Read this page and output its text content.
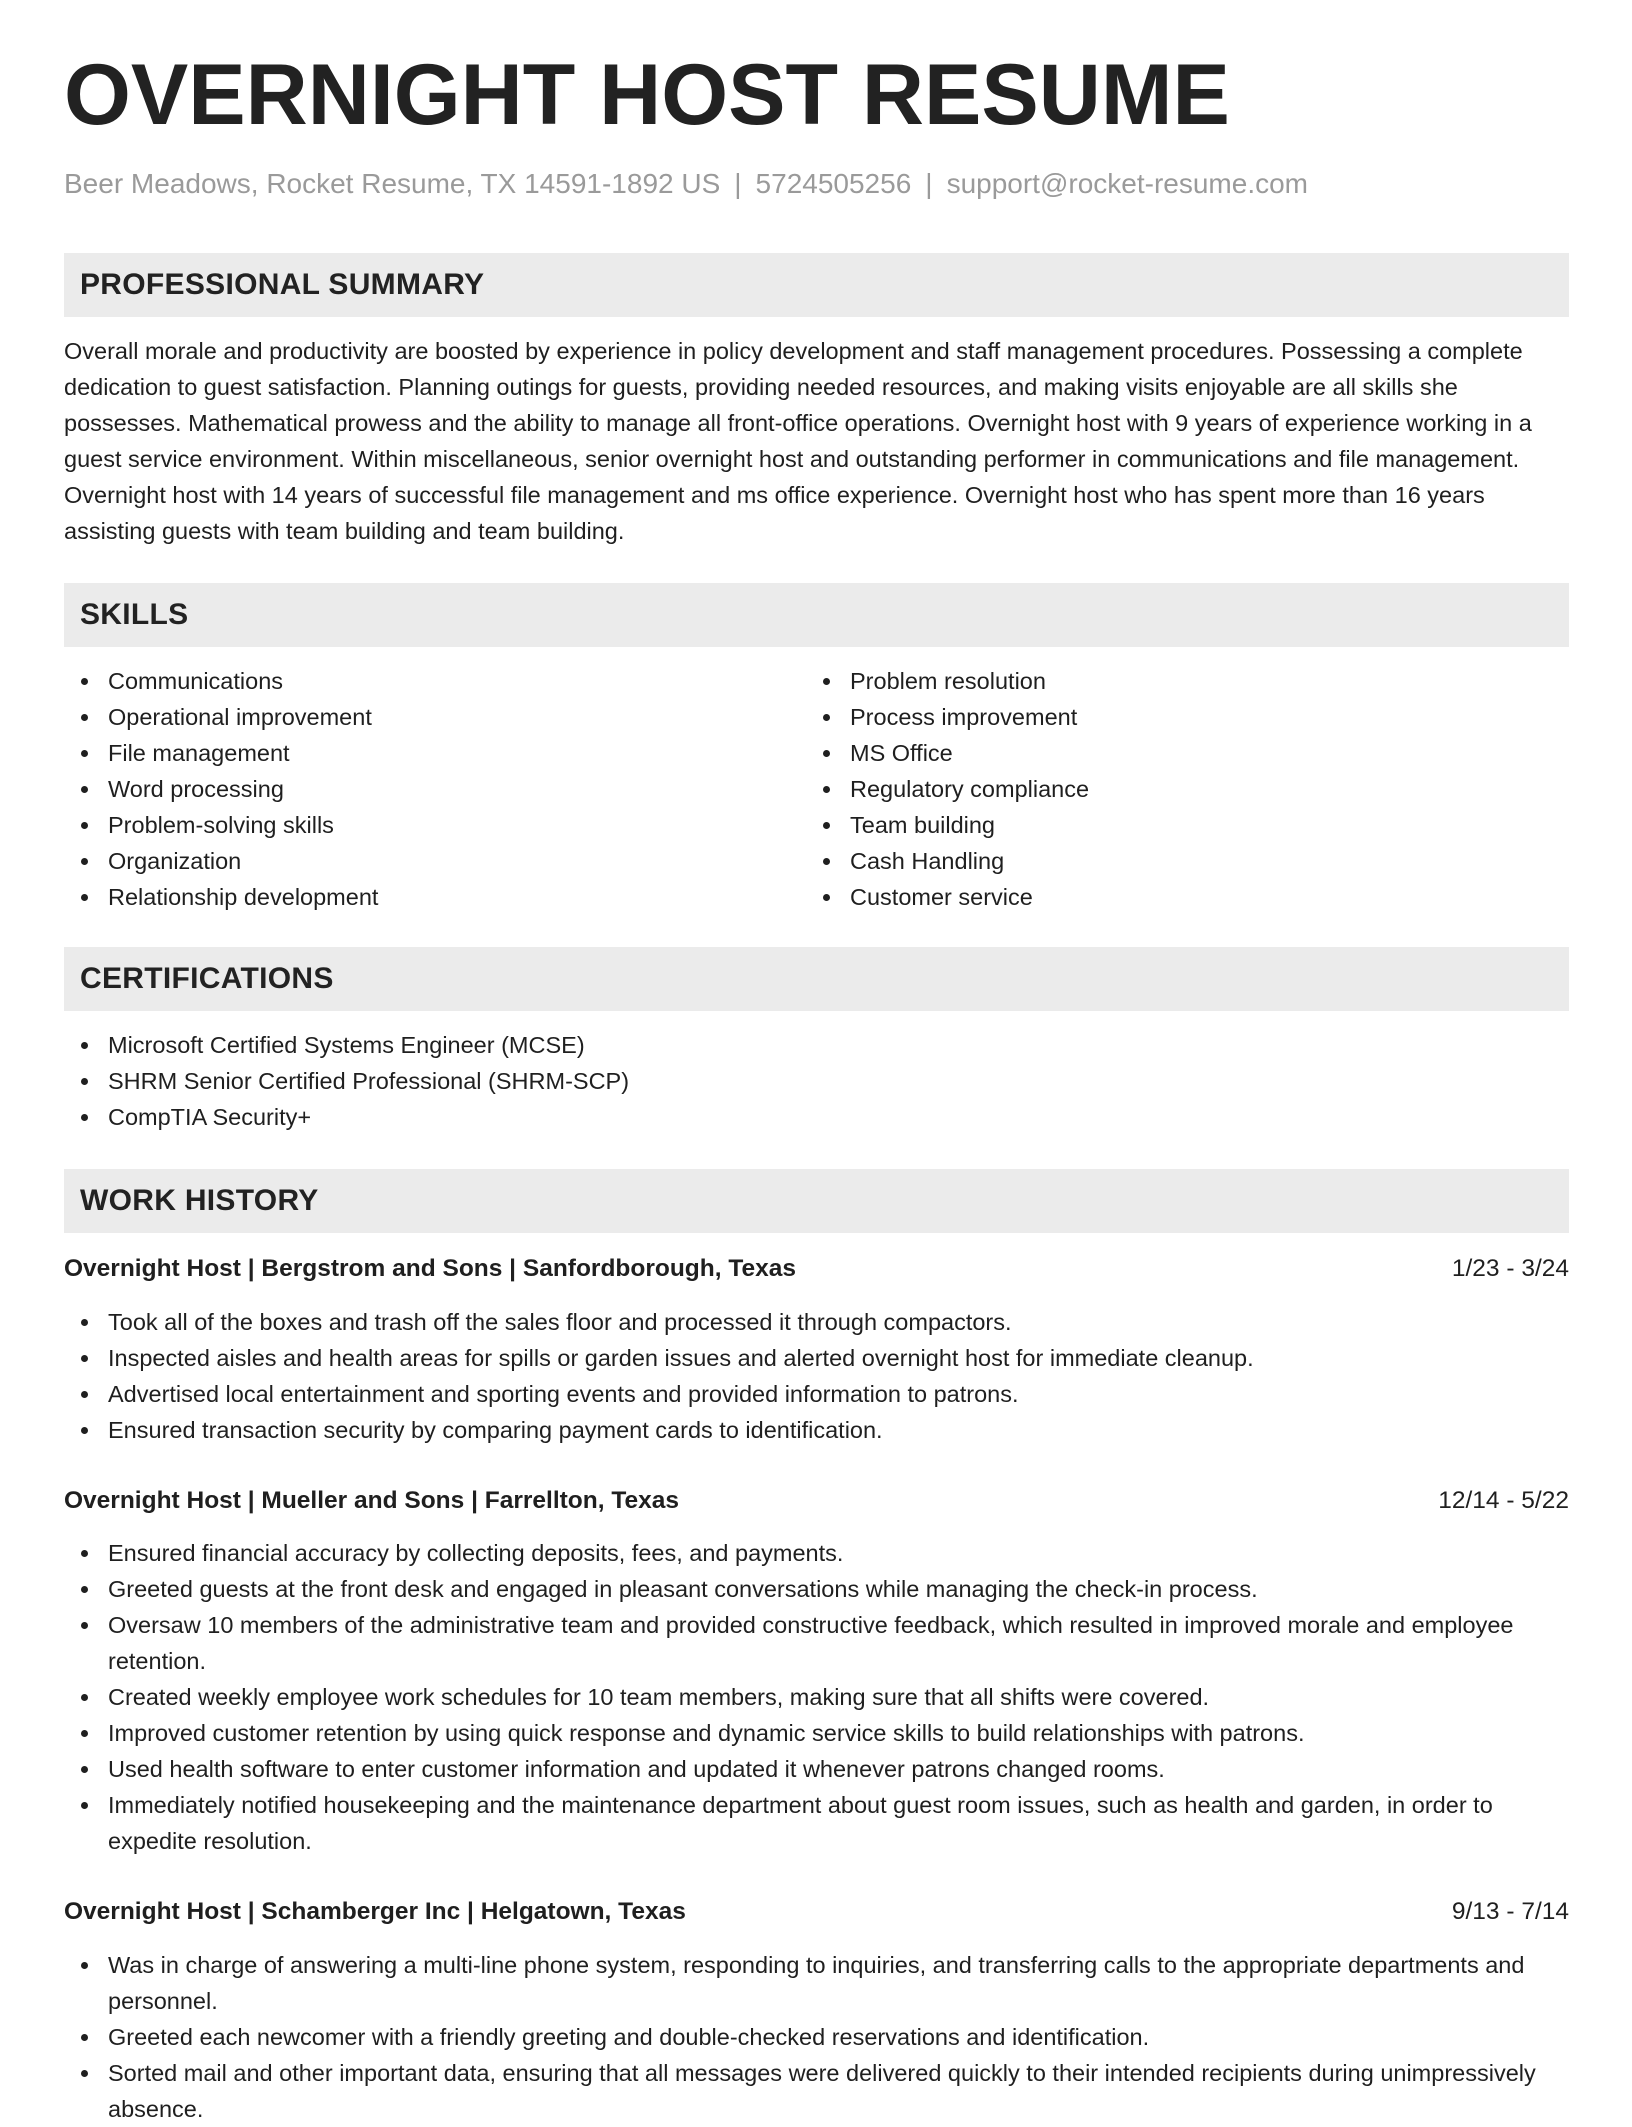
OVERNIGHT HOST RESUME
Beer Meadows, Rocket Resume, TX 14591-1892 US | 5724505256 | support@rocket-resume.com
PROFESSIONAL SUMMARY

Overall morale and productivity are boosted by experience in policy development and staff management procedures. Possessing a complete dedication to guest satisfaction. Planning outings for guests, providing needed resources, and making visits enjoyable are all skills she possesses. Mathematical prowess and the ability to manage all front-office operations. Overnight host with 9 years of experience working in a guest service environment. Within miscellaneous, senior overnight host and outstanding performer in communications and file management. Overnight host with 14 years of successful file management and ms office experience. Overnight host who has spent more than 16 years assisting guests with team building and team building.

SKILLS
Communications
Operational improvement
File management
Word processing
Problem-solving skills
Organization
Relationship development
Problem resolution
Process improvement
MS Office
Regulatory compliance
Team building
Cash Handling
Customer service
CERTIFICATIONS
Microsoft Certified Systems Engineer (MCSE)
SHRM Senior Certified Professional (SHRM-SCP)
CompTIA Security+
WORK HISTORY
Overnight Host | Bergstrom and Sons | Sanfordborough, Texas	1/23 - 3/24
Took all of the boxes and trash off the sales floor and processed it through compactors.
Inspected aisles and health areas for spills or garden issues and alerted overnight host for immediate cleanup.
Advertised local entertainment and sporting events and provided information to patrons.
Ensured transaction security by comparing payment cards to identification.
Overnight Host | Mueller and Sons | Farrellton, Texas	12/14 - 5/22
Ensured financial accuracy by collecting deposits, fees, and payments.
Greeted guests at the front desk and engaged in pleasant conversations while managing the check-in process.
Oversaw 10 members of the administrative team and provided constructive feedback, which resulted in improved morale and employee retention.
Created weekly employee work schedules for 10 team members, making sure that all shifts were covered.
Improved customer retention by using quick response and dynamic service skills to build relationships with patrons.
Used health software to enter customer information and updated it whenever patrons changed rooms.
Immediately notified housekeeping and the maintenance department about guest room issues, such as health and garden, in order to expedite resolution.
Overnight Host | Schamberger Inc | Helgatown, Texas	9/13 - 7/14
Was in charge of answering a multi-line phone system, responding to inquiries, and transferring calls to the appropriate departments and personnel.
Greeted each newcomer with a friendly greeting and double-checked reservations and identification.
Sorted mail and other important data, ensuring that all messages were delivered quickly to their intended recipients during unimpressively absence.
